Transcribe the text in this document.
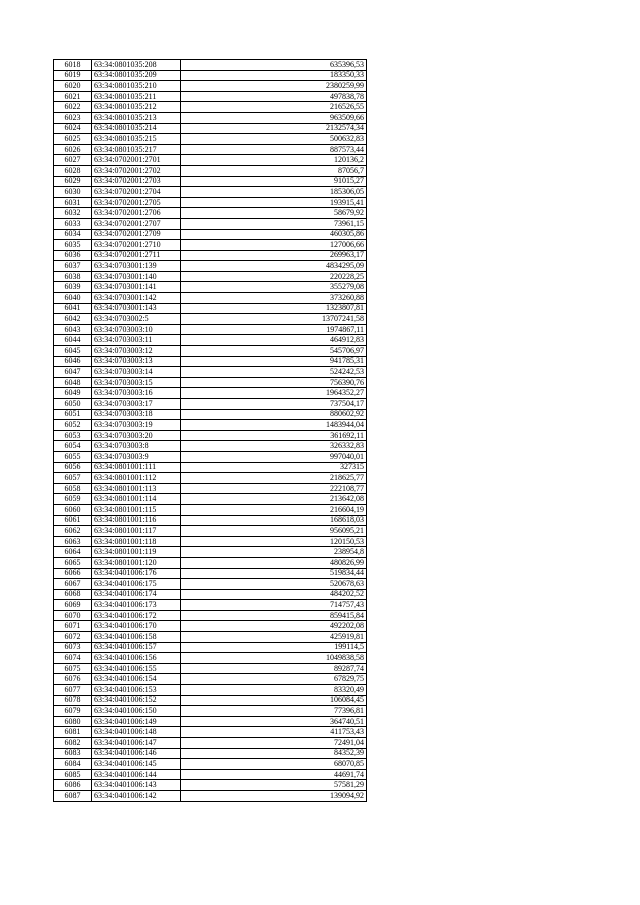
6018	63:34:0801035:208	635396,53
6019	63:34:0801035:209	183350,33
6020	63:34:0801035:210	2380259,99
6021	63:34:0801035:211	497838,78
6022	63:34:0801035:212	216526,55
6023	63:34:0801035:213	963509,66
6024	63:34:0801035:214	2132574,34
6025	63:34:0801035:215	500632,83
6026	63:34:0801035:217	887573,44
6027	63:34:0702001:2701	120136,2
6028	63:34:0702001:2702	87056,7
6029	63:34:0702001:2703	91015,27
6030	63:34:0702001:2704	185306,05
6031	63:34:0702001:2705	193915,41
6032	63:34:0702001:2706	58679,92
6033	63:34:0702001:2707	73961,15
6034	63:34:0702001:2709	460305,86
6035	63:34:0702001:2710	127006,66
6036	63:34:0702001:2711	269963,17
6037	63:34:0703001:139	4834295,09
6038	63:34:0703001:140	220228,25
6039	63:34:0703001:141	355279,08
6040	63:34:0703001:142	373260,88
6041	63:34:0703001:143	1323807,81
6042	63:34:0703002:5	13707241,58
6043	63:34:0703003:10	1974867,11
6044	63:34:0703003:11	464912,83
6045	63:34:0703003:12	545706,97
6046	63:34:0703003:13	941785,31
6047	63:34:0703003:14	524242,53
6048	63:34:0703003:15	756390,76
6049	63:34:0703003:16	1964352,27
6050	63:34:0703003:17	737504,17
6051	63:34:0703003:18	880602,92
6052	63:34:0703003:19	1483944,04
6053	63:34:0703003:20	361692,11
6054	63:34:0703003:8	326332,83
6055	63:34:0703003:9	997040,01
6056	63:34:0801001:111	327315
6057	63:34:0801001:112	218625,77
6058	63:34:0801001:113	222108,77
6059	63:34:0801001:114	213642,08
6060	63:34:0801001:115	216604,19
6061	63:34:0801001:116	168618,03
6062	63:34:0801001:117	956095,21
6063	63:34:0801001:118	120150,53
6064	63:34:0801001:119	238954,8
6065	63:34:0801001:120	480826,99
6066	63:34:0401006:176	519834,44
6067	63:34:0401006:175	520678,63
6068	63:34:0401006:174	484202,52
6069	63:34:0401006:173	714757,43
6070	63:34:0401006:172	859415,84
6071	63:34:0401006:170	492202,08
6072	63:34:0401006:158	425919,81
6073	63:34:0401006:157	199114,5
6074	63:34:0401006:156	1049838,58
6075	63:34:0401006:155	89287,74
6076	63:34:0401006:154	67829,75
6077	63:34:0401006:153	83320,49
6078	63:34:0401006:152	106084,45
6079	63:34:0401006:150	77396,81
6080	63:34:0401006:149	364740,51
6081	63:34:0401006:148	411753,43
6082	63:34:0401006:147	72491,04
6083	63:34:0401006:146	84352,39
6084	63:34:0401006:145	68070,85
6085	63:34:0401006:144	44691,74
6086	63:34:0401006:143	57581,29
6087	63:34:0401006:142	139094,92
